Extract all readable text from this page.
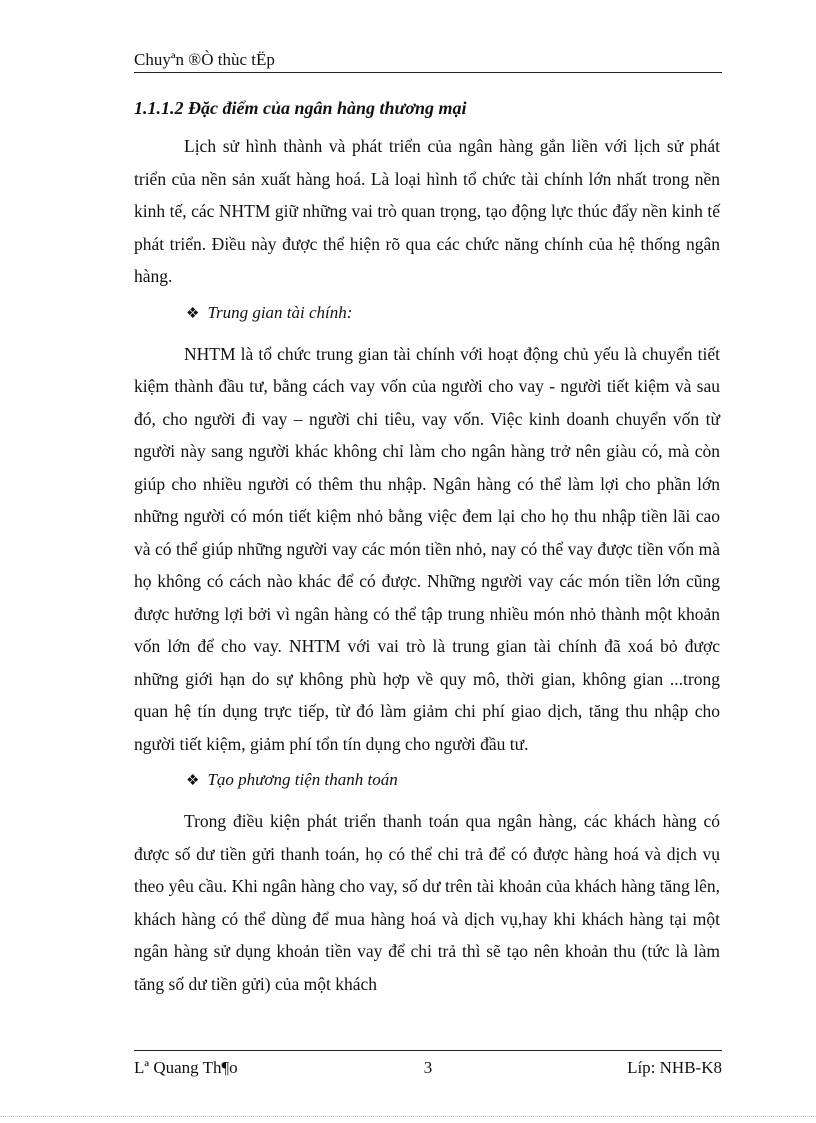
Chuyªn ®Ò thùc tËp
1.1.1.2 Đặc điểm của ngân hàng thương mại

Lịch sử hình thành và phát triển của ngân hàng gắn liền với lịch sử phát triển của nền sản xuất hàng hoá. Là loại hình tổ chức tài chính lớn nhất trong nền kinh tế, các NHTM giữ những vai trò quan trọng, tạo động lực thúc đẩy nền kinh tế phát triển. Điều này được thể hiện rõ qua các chức năng chính của hệ thống ngân hàng.

❖ Trung gian tài chính:

NHTM là tổ chức trung gian tài chính với hoạt động chủ yếu là chuyển tiết kiệm thành đầu tư, bằng cách vay vốn của người cho vay - người tiết kiệm và sau đó, cho người đi vay – người chi tiêu, vay vốn. Việc kinh doanh chuyển vốn từ người này sang người khác không chỉ làm cho ngân hàng trở nên giàu có, mà còn giúp cho nhiều người có thêm thu nhập. Ngân hàng có thể làm lợi cho phần lớn những người có món tiết kiệm nhỏ bằng việc đem lại cho họ thu nhập tiền lãi cao và có thể giúp những người vay các món tiền nhỏ, nay có thể vay được tiền vốn mà họ không có cách nào khác để có được. Những người vay các món tiền lớn cũng được hưởng lợi bởi vì ngân hàng có thể tập trung nhiều món nhỏ thành một khoản vốn lớn để cho vay. NHTM với vai trò là trung gian tài chính đã xoá bỏ được những giới hạn do sự không phù hợp về quy mô, thời gian, không gian ...trong quan hệ tín dụng trực tiếp, từ đó làm giảm chi phí giao dịch, tăng thu nhập cho người tiết kiệm, giảm phí tổn tín dụng cho người đầu tư.

❖ Tạo phương tiện thanh toán

Trong điều kiện phát triển thanh toán qua ngân hàng, các khách hàng có được số dư tiền gửi thanh toán, họ có thể chi trả để có được hàng hoá và dịch vụ theo yêu cầu. Khi ngân hàng cho vay, số dư trên tài khoản của khách hàng tăng lên, khách hàng có thể dùng để mua hàng hoá và dịch vụ,hay khi khách hàng tại một ngân hàng sử dụng khoản tiền vay để chi trả thì sẽ tạo nên khoản thu (tức là làm tăng số dư tiền gửi) của một khách

Lª Quang Th¶o	3	Líp: NHB-K8
